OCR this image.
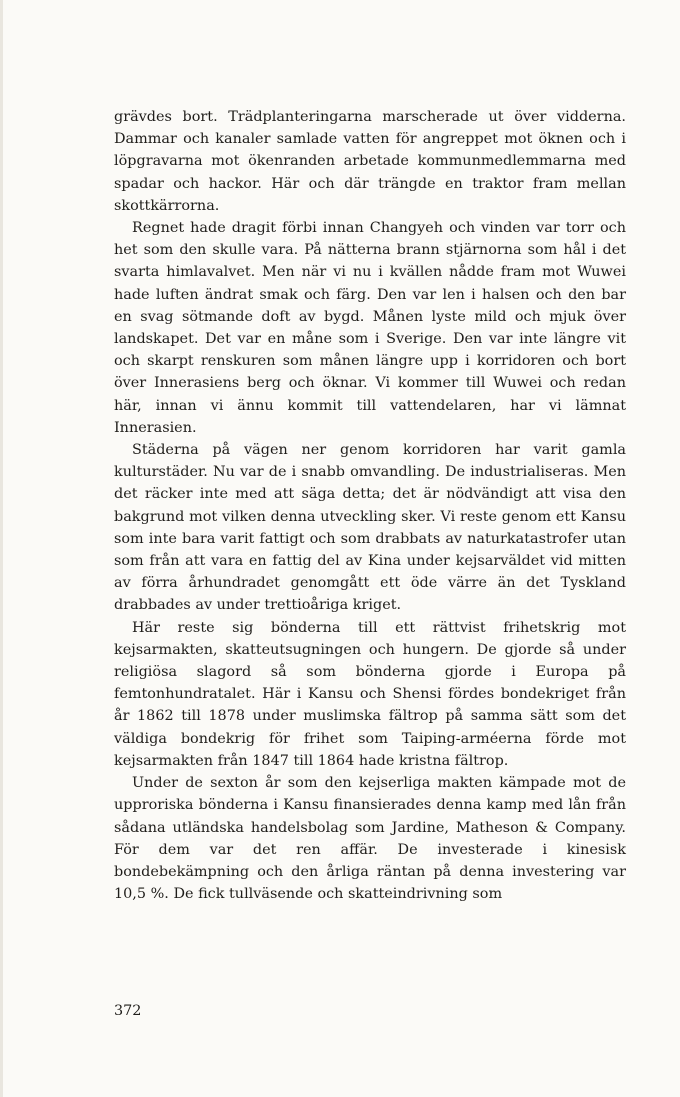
grävdes bort. Trädplanteringarna marscherade ut över vidderna. Dammar och kanaler samlade vatten för angreppet mot öknen och i löpgravarna mot ökenranden arbetade kommunmedlemmarna med spadar och hackor. Här och där trängde en traktor fram mellan skottkärrorna.

Regnet hade dragit förbi innan Changyeh och vinden var torr och het som den skulle vara. På nätterna brann stjärnorna som hål i det svarta himlavalvet. Men när vi nu i kvällen nådde fram mot Wuwei hade luften ändrat smak och färg. Den var len i halsen och den bar en svag sötmande doft av bygd. Månen lyste mild och mjuk över landskapet. Det var en måne som i Sverige. Den var inte längre vit och skarpt renskuren som månen längre upp i korridoren och bort över Innerasiens berg och öknar. Vi kommer till Wuwei och redan här, innan vi ännu kommit till vattendelaren, har vi lämnat Innerasien.

Städerna på vägen ner genom korridoren har varit gamla kulturstäder. Nu var de i snabb omvandling. De industrialiseras. Men det räcker inte med att säga detta; det är nödvändigt att visa den bakgrund mot vilken denna utveckling sker. Vi reste genom ett Kansu som inte bara varit fattigt och som drabbats av naturkatastrofer utan som från att vara en fattig del av Kina under kejsarväldet vid mitten av förra århundradet genomgått ett öde värre än det Tyskland drabbades av under trettioåriga kriget.

Här reste sig bönderna till ett rättvist frihetskrig mot kejsarmakten, skatteutsugningen och hungern. De gjorde så under religiösa slagord så som bönderna gjorde i Europa på femtonhundratalet. Här i Kansu och Shensi fördes bondekriget från år 1862 till 1878 under muslimska fältrop på samma sätt som det väldiga bondekrig för frihet som Taiping-arméerna förde mot kejsarmakten från 1847 till 1864 hade kristna fältrop.

Under de sexton år som den kejserliga makten kämpade mot de upproriska bönderna i Kansu finansierades denna kamp med lån från sådana utländska handelsbolag som Jardine, Matheson & Company. För dem var det ren affär. De investerade i kinesisk bondebekämpning och den årliga räntan på denna investering var 10,5 %. De fick tullväsende och skatteindrivning som

372
